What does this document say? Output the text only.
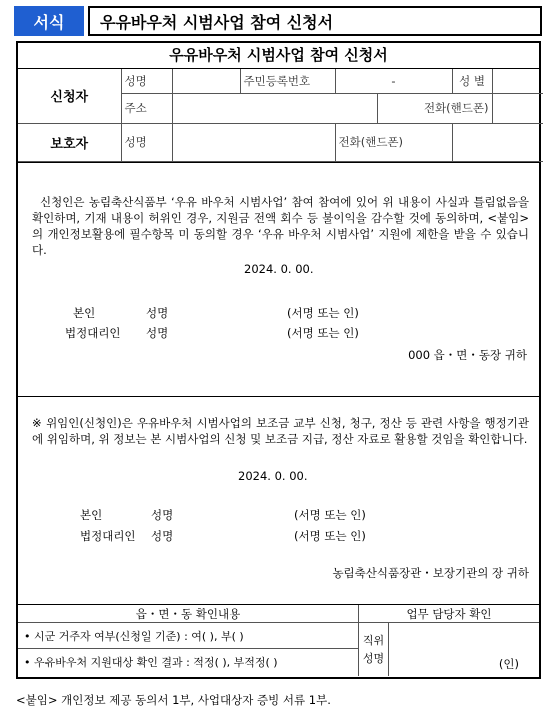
서식	우유바우처 시범사업 참여 신청서
우유바우처 시범사업 참여 신청서
신청자	성명		주민등록번호	-		성 별	
	주소				전화(핸드폰)		
보호자	성명			전화(핸드폰)			
신청인은 농림축산식품부 ‘우유 바우처 시범사업’ 참여 참여에 있어 위 내용이 사실과 틀림없음을 확인하며, 기재 내용이 허위인 경우, 지원금 전액 회수 등 불이익을 감수할 것에 동의하며, <붙임>의 개인정보활용에 필수항목 미 동의할 경우 ‘우유 바우처 시범사업’ 지원에 제한을 받을 수 있습니다.
2024. 0. 00.
본인	성명	(서명 또는 인)
법정대리인 성명	(서명 또는 인)
000 읍・면・동장 귀하
※ 위임인(신청인)은 우유바우처 시범사업의 보조금 교부 신청, 청구, 정산 등 관련 사항을 행정기관에 위임하며, 위 정보는 본 시범사업의 신청 및 보조금 지급, 정산 자료로 활용할 것임을 확인합니다.
2024. 0. 00.
본인	성명	(서명 또는 인)
법정대리인 성명	(서명 또는 인)
농림축산식품장관・보장기관의 장 귀하
읍・면・동 확인내용	업무 담당자 확인
• 시군 거주자 여부(신청일 기준) : 여( ), 부( )
• 우유바우처 지원대상 확인 결과 : 적정( ), 부적정( )
직위
성명	(인)
<붙임> 개인정보 제공 동의서 1부, 사업대상자 증빙 서류 1부.
